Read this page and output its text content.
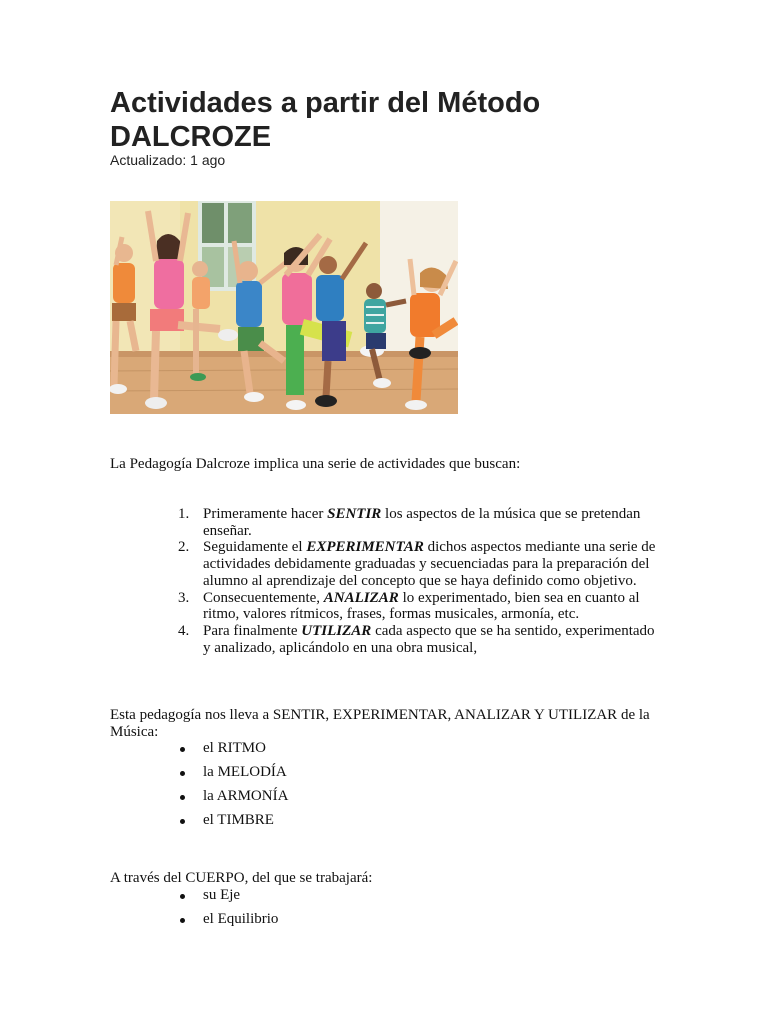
Actividades a partir del Método DALCROZE
Actualizado: 1 ago

La Pedagogía Dalcroze implica una serie de actividades que buscan:

1. Primeramente hacer SENTIR los aspectos de la música que se pretendan enseñar.
2. Seguidamente el EXPERIMENTAR dichos aspectos mediante una serie de actividades debidamente graduadas y secuenciadas para la preparación del alumno al aprendizaje del concepto que se haya definido como objetivo.
3. Consecuentemente, ANALIZAR lo experimentado, bien sea en cuanto al ritmo, valores rítmicos, frases, formas musicales, armonía, etc.
4. Para finalmente UTILIZAR cada aspecto que se ha sentido, experimentado y analizado, aplicándolo en una obra musical,

Esta pedagogía nos lleva a SENTIR, EXPERIMENTAR, ANALIZAR Y UTILIZAR de la Música:

el RITMO
la MELODÍA
la ARMONÍA
el TIMBRE

A través del CUERPO, del que se trabajará:

su Eje
el Equilibrio
